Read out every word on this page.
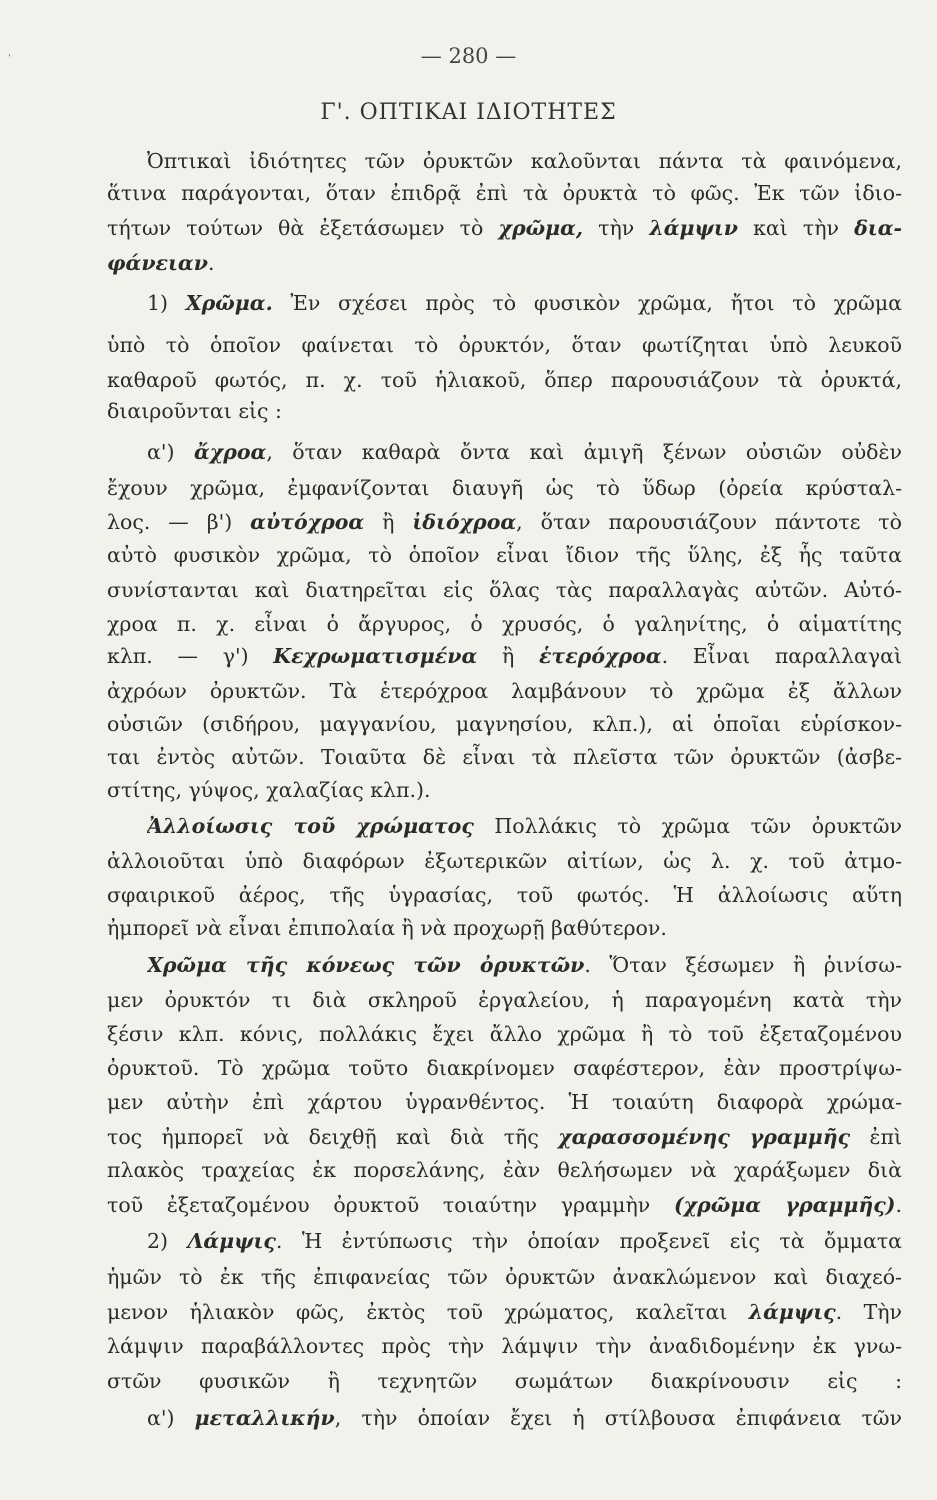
ʹ	— 280 —
Γ'. ΟΠΤΙΚΑΙ ΙΔΙΟΤΗΤΕΣ
Ὀπτικαὶ ἰδιότητες τῶν ὀρυκτῶν καλοῦνται πάντα τὰ φαινόμενα,
ἅτινα παράγονται, ὅταν ἐπιδρᾷ ἐπὶ τὰ ὀρυκτὰ τὸ φῶς. Ἐκ τῶν ἰδιο-
τήτων τούτων θὰ ἐξετάσωμεν τὸ χρῶμα, τὴν λάμψιν καὶ τὴν δια-
φάνειαν.
1) Χρῶμα. Ἐν σχέσει πρὸς τὸ φυσικὸν χρῶμα, ἤτοι τὸ χρῶμα
ὑπὸ τὸ ὁποῖον φαίνεται τὸ ὀρυκτόν, ὅταν φωτίζηται ὑπὸ λευκοῦ
καθαροῦ φωτός, π. χ. τοῦ ἡλιακοῦ, ὅπερ παρουσιάζουν τὰ ὀρυκτά,
διαιροῦνται εἰς :
α') ἄχροα, ὅταν καθαρὰ ὄντα καὶ ἀμιγῆ ξένων οὐσιῶν οὐδὲν
ἔχουν χρῶμα, ἐμφανίζονται διαυγῆ ὡς τὸ ὕδωρ (ὀρεία κρύσταλ-
λος. — β') αὐτόχροα ἢ ἰδιόχροα, ὅταν παρουσιάζουν πάντοτε τὸ
αὐτὸ φυσικὸν χρῶμα, τὸ ὁποῖον εἶναι ἴδιον τῆς ὕλης, ἐξ ἧς ταῦτα
συνίστανται καὶ διατηρεῖται εἰς ὅλας τὰς παραλλαγὰς αὐτῶν. Αὐτό-
χροα π. χ. εἶναι ὁ ἄργυρος, ὁ χρυσός, ὁ γαληνίτης, ὁ αἱματίτης
κλπ. — γ') Κεχρωματισμένα ἢ ἑτερόχροα. Εἶναι παραλλαγαὶ
ἀχρόων ὀρυκτῶν. Τὰ ἑτερόχροα λαμβάνουν τὸ χρῶμα ἐξ ἄλλων
οὐσιῶν (σιδήρου, μαγγανίου, μαγνησίου, κλπ.), αἱ ὁποῖαι εὑρίσκον-
ται ἐντὸς αὐτῶν. Τοιαῦτα δὲ εἶναι τὰ πλεῖστα τῶν ὀρυκτῶν (ἀσβε-
στίτης, γύψος, χαλαζίας κλπ.).
Ἀλλοίωσις τοῦ χρώματος Πολλάκις τὸ χρῶμα τῶν ὀρυκτῶν
ἀλλοιοῦται ὑπὸ διαφόρων ἐξωτερικῶν αἰτίων, ὡς λ. χ. τοῦ ἀτμο-
σφαιρικοῦ ἀέρος, τῆς ὑγρασίας, τοῦ φωτός. Ἡ ἀλλοίωσις αὕτη
ἠμπορεῖ νὰ εἶναι ἐπιπολαία ἢ νὰ προχωρῇ βαθύτερον.
Χρῶμα τῆς κόνεως τῶν ὀρυκτῶν. Ὅταν ξέσωμεν ἢ ῥινίσω-
μεν ὀρυκτόν τι διὰ σκληροῦ ἐργαλείου, ἡ παραγομένη κατὰ τὴν
ξέσιν κλπ. κόνις, πολλάκις ἔχει ἄλλο χρῶμα ἢ τὸ τοῦ ἐξεταζομένου
ὀρυκτοῦ. Τὸ χρῶμα τοῦτο διακρίνομεν σαφέστερον, ἐὰν προστρίψω-
μεν αὐτὴν ἐπὶ χάρτου ὑγρανθέντος. Ἡ τοιαύτη διαφορὰ χρώμα-
τος ἠμπορεῖ νὰ δειχθῇ καὶ διὰ τῆς χαρασσομένης γραμμῆς ἐπὶ
πλακὸς τραχείας ἐκ πορσελάνης, ἐὰν θελήσωμεν νὰ χαράξωμεν διὰ
τοῦ ἐξεταζομένου ὀρυκτοῦ τοιαύτην γραμμὴν (χρῶμα γραμμῆς).
2) Λάμψις. Ἡ ἐντύπωσις τὴν ὁποίαν προξενεῖ εἰς τὰ ὄμματα
ἡμῶν τὸ ἐκ τῆς ἐπιφανείας τῶν ὀρυκτῶν ἀνακλώμενον καὶ διαχεό-
μενον ἡλιακὸν φῶς, ἐκτὸς τοῦ χρώματος, καλεῖται λάμψις. Τὴν
λάμψιν παραβάλλοντες πρὸς τὴν λάμψιν τὴν ἀναδιδομένην ἐκ γνω-
στῶν φυσικῶν ἢ τεχνητῶν σωμάτων διακρίνουσιν εἰς :
α') μεταλλικήν, τὴν ὁποίαν ἔχει ἡ στίλβουσα ἐπιφάνεια τῶν
